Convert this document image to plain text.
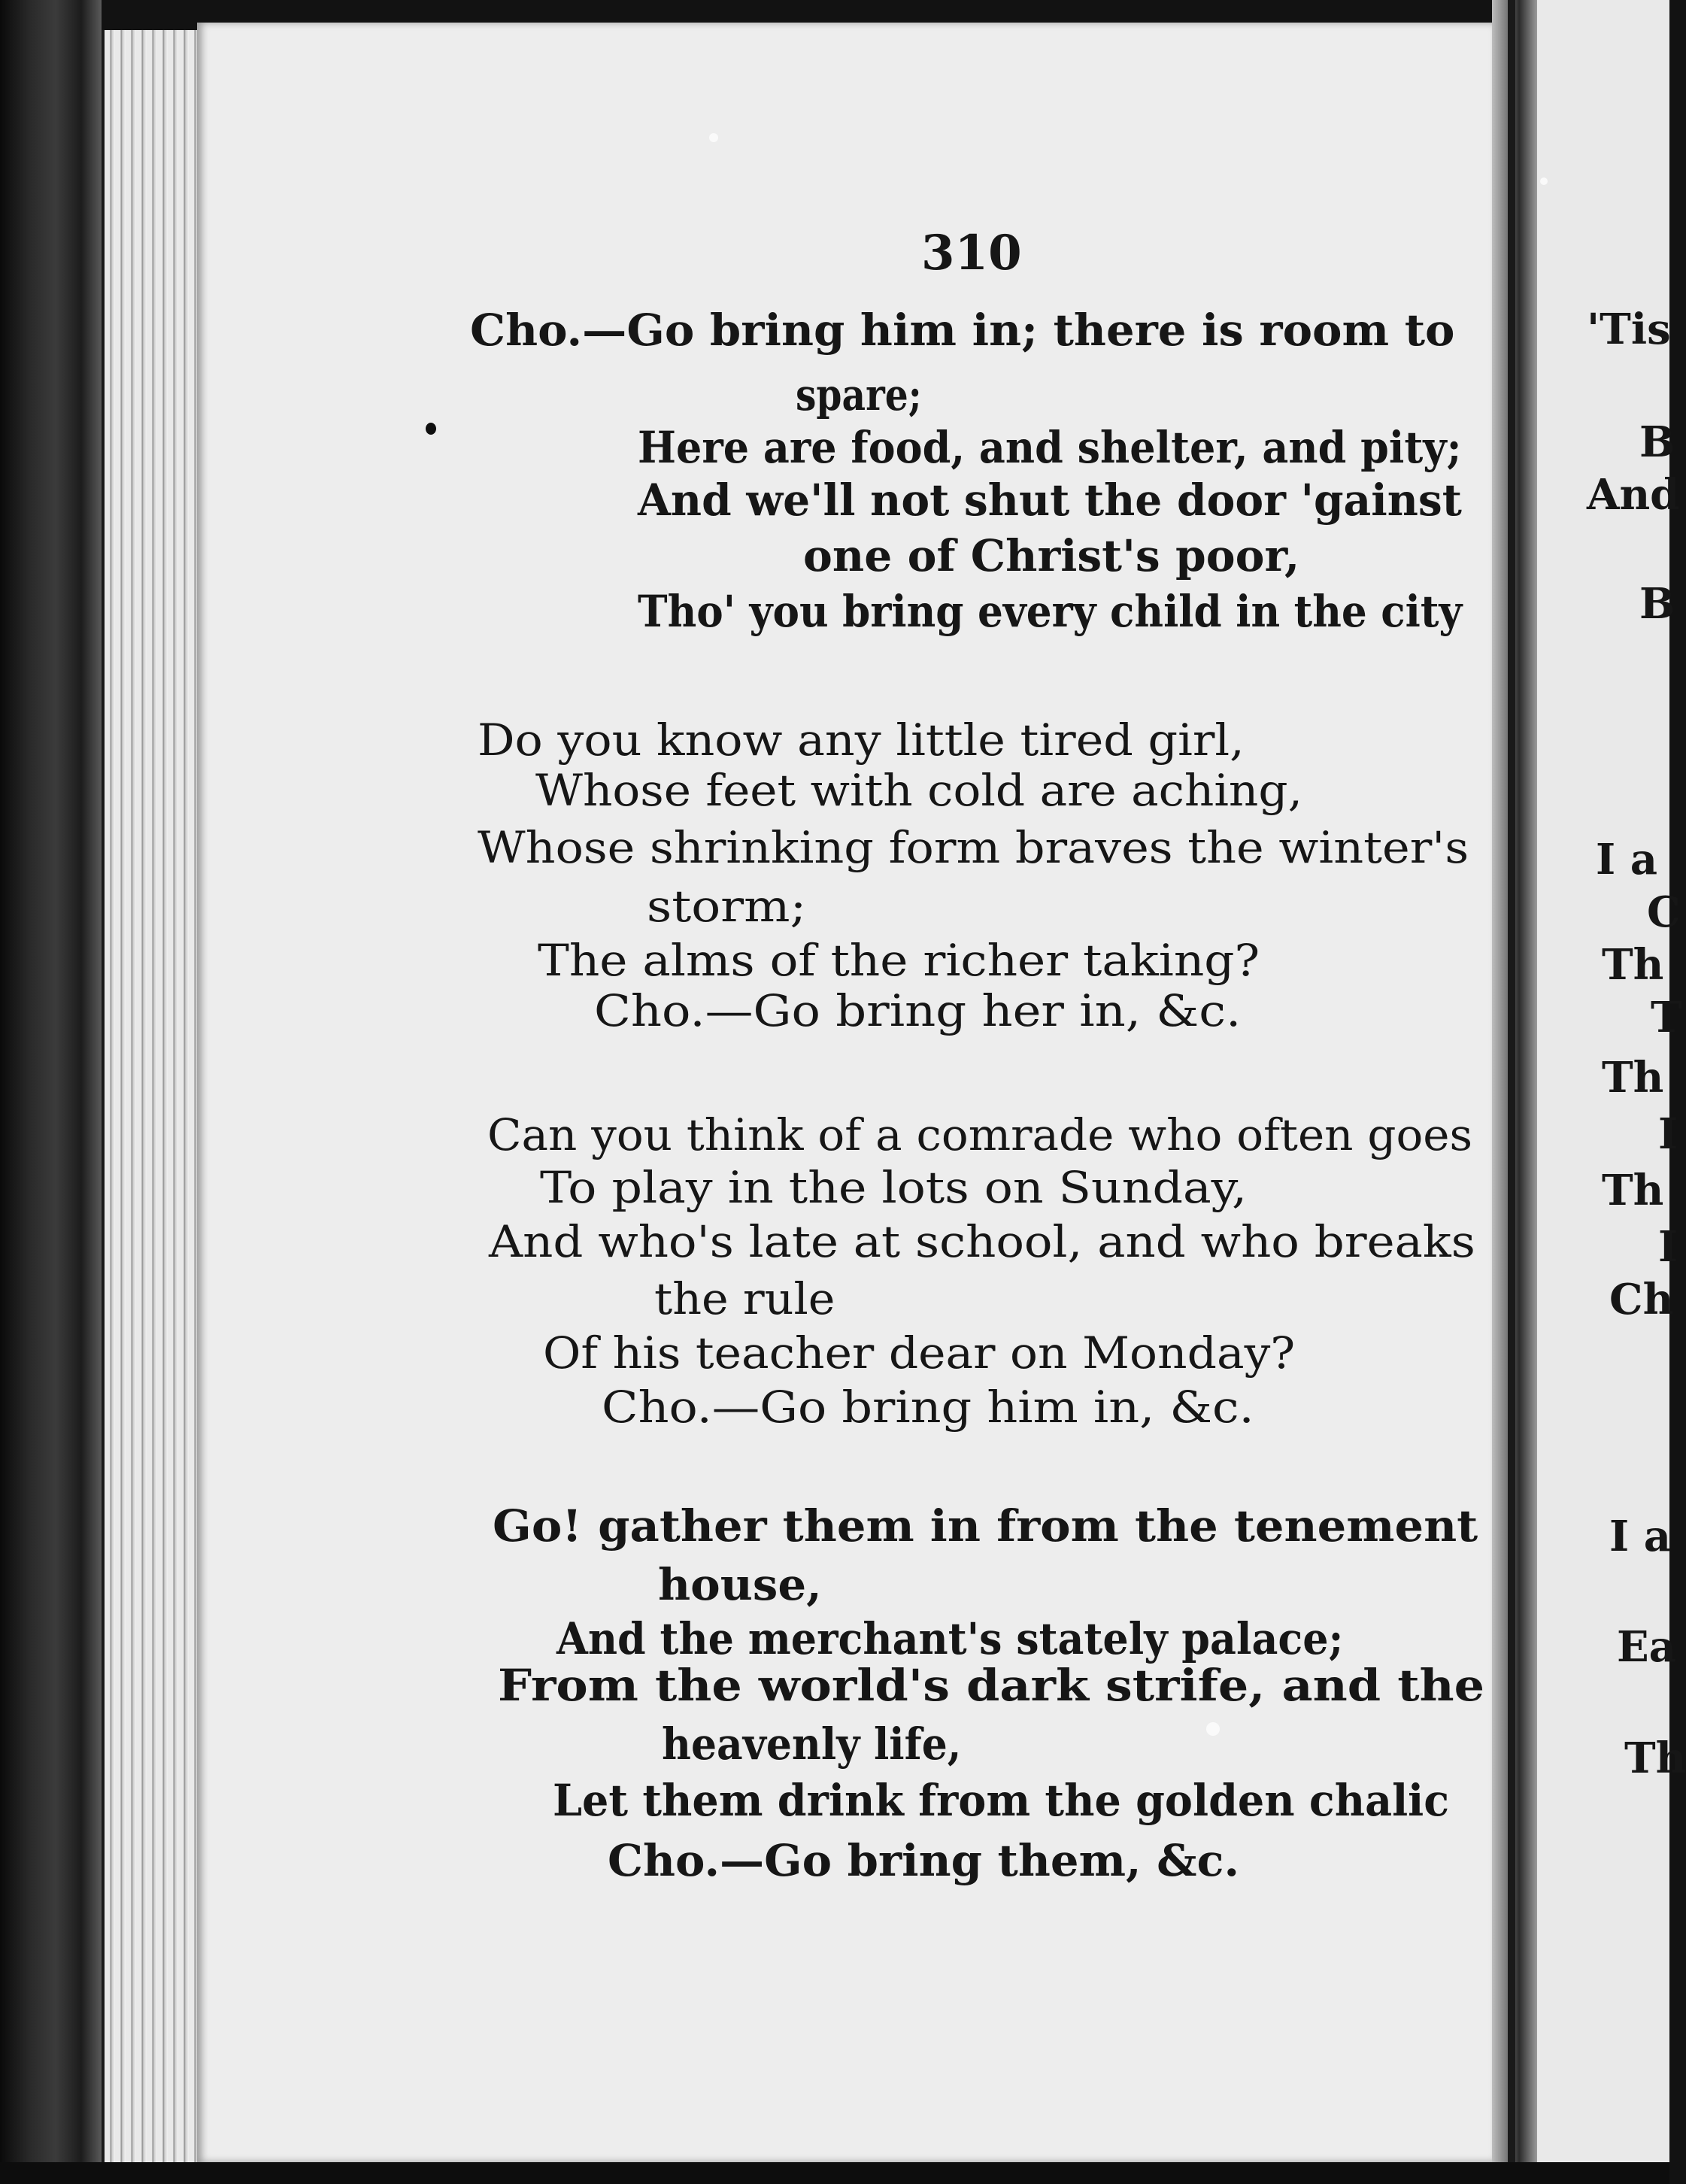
310
Cho.—Go bring him in; there is room to
spare;
Here are food, and shelter, and pity;
And we'll not shut the door 'gainst
one of Christ's poor,
Tho' you bring every child in the city
Do you know any little tired girl,
Whose feet with cold are aching,
Whose shrinking form braves the winter's
storm;
The alms of the richer taking?
Cho.—Go bring her in, &c.
Can you think of a comrade who often goes
To play in the lots on Sunday,
And who's late at school, and who breaks
the rule
Of his teacher dear on Monday?
Cho.—Go bring him in, &c.
Go! gather them in from the tenement
house,
And the merchant's stately palace;
From the world's dark strife, and the
heavenly life,
Let them drink from the golden chalic
Cho.—Go bring them, &c.
'Tis
B
And
B
I a
C
Th
T
Th
I
Th
I
Ch
I a
Ea
Th
